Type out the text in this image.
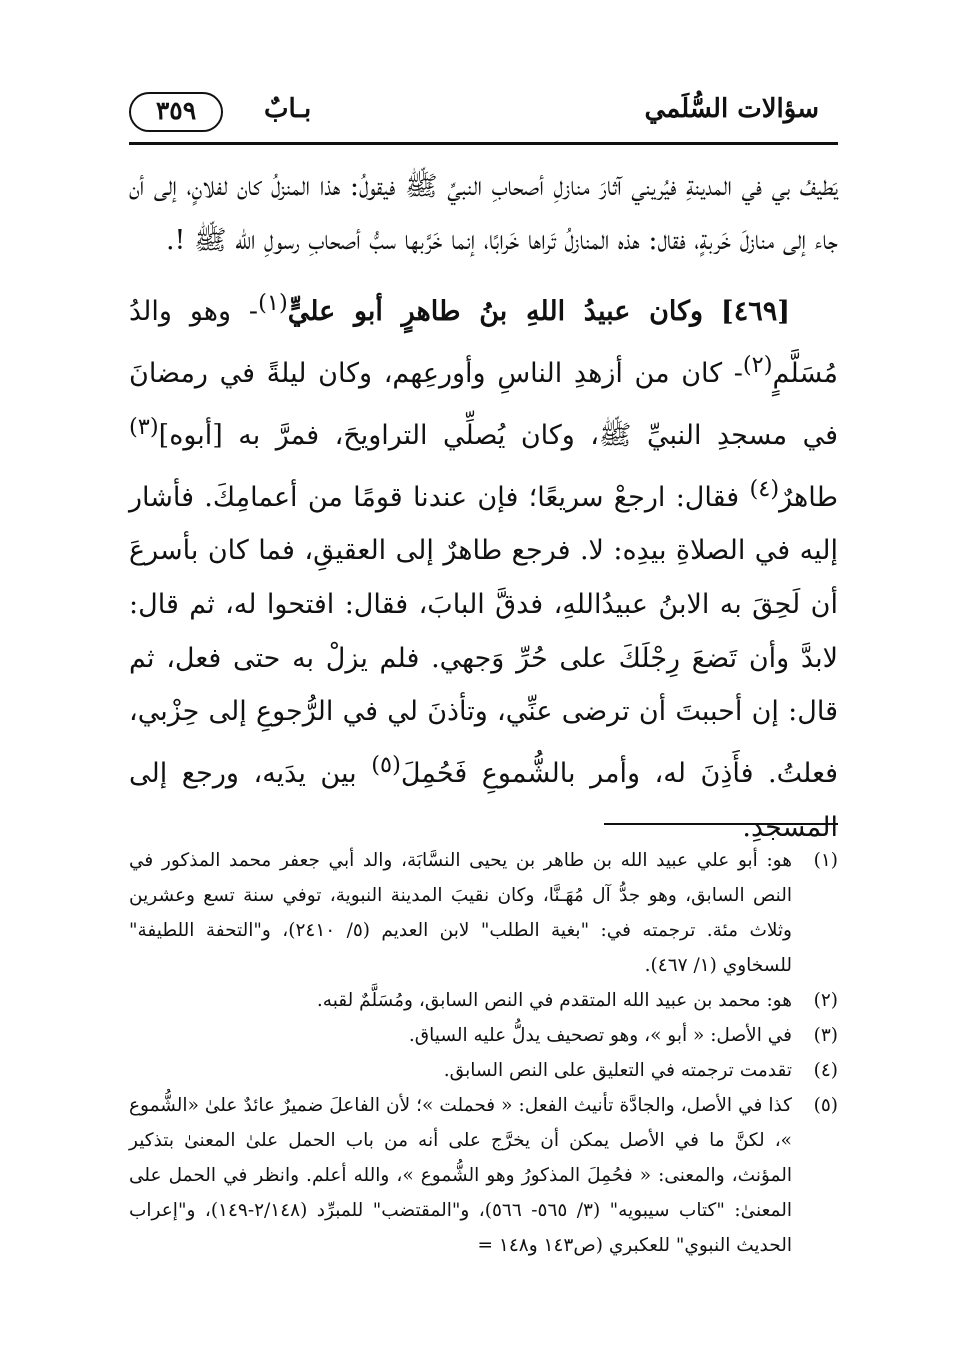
سؤالات السُّلَمي
بـابٌ
٣٥٩

يَطيفُ بي في المدينةِ فيُريني آثارَ منازلِ أصحابِ النبيِّ ﷺ فيقولُ: هذا المنزلُ كان لفلانٍ، إلى أن جاء إلى منازلَ خَربةٍ، فقال: هذه المنازلُ تَراها خَرابًا، إنما خَرَّبها سبُّ أصحابِ رسولِ الله ﷺ !.

[٤٦٩] وكان عبيدُ اللهِ بنُ طاهرٍ أبو عليٍّ$^{(١)}$- وهو والدُ مُسَلَّمٍ$^{(٢)}$- كان من أزهدِ الناسِ وأورعِهم، وكان ليلةً في رمضانَ في مسجدِ النبيِّ ﷺ، وكان يُصلِّي التراويحَ، فمرَّ به [أبوه]$^{(٣)}$ طاهرٌ$^{(٤)}$ فقال: ارجعْ سريعًا؛ فإن عندنا قومًا من أعمامِكَ. فأشار إليه في الصلاةِ بيدِه: لا. فرجع طاهرٌ إلى العقيقِ، فما كان بأسرعَ أن لَحِقَ به الابنُ عبيدُاللهِ، فدقَّ البابَ، فقال: افتحوا له، ثم قال: لابدَّ وأن تَضعَ رِجْلَكَ على حُرِّ وَجهي. فلم يزلْ به حتى فعل، ثم قال: إن أحببتَ أن ترضى عنِّي، وتأذنَ لي في الرُّجوعِ إلى حِزْبي، فعلتُ. فأَذِنَ له، وأمر بالشُّموعِ فَحُمِلَ$^{(٥)}$ بين يدَيه، ورجع إلى المسجدِ.

(١)
هو: أبو علي عبيد الله بن طاهر بن يحيى النسَّابَة، والد أبي جعفر محمد المذكور في النص السابق، وهو جدُّ آل مُهَـنَّا، وكان نقيبَ المدينة النبوية، توفي سنة تسع وعشرين وثلاث مئة. ترجمته في: "بغية الطلب" لابن العديم (٥/ ٢٤١٠)، و"التحفة اللطيفة" للسخاوي (١/ ٤٦٧).
(٢)
هو: محمد بن عبيد الله المتقدم في النص السابق، ومُسَلَّمٌ لقبه.
(٣)
في الأصل: « أبو »، وهو تصحيف يدلُّ عليه السياق.
(٤)
تقدمت ترجمته في التعليق على النص السابق.
(٥)
كذا في الأصل، والجادَّة تأنيث الفعل: « فحملت »؛ لأن الفاعلَ ضميرٌ عائدٌ علىٰ «الشُّموع »، لكنَّ ما في الأصل يمكن أن يخرَّج على أنه من باب الحمل علىٰ المعنىٰ بتذكير المؤنث، والمعنى: « فحُمِلَ المذكورُ وهو الشُّموع »، والله أعلم. وانظر في الحمل على المعنىٰ: "كتاب سيبويه" (٣/ ٥٦٥- ٥٦٦)، و"المقتضب" للمبرِّد (٢/١٤٨-١٤٩)، و"إعراب الحديث النبوي" للعكبري (ص١٤٣ و١٤٨ =
